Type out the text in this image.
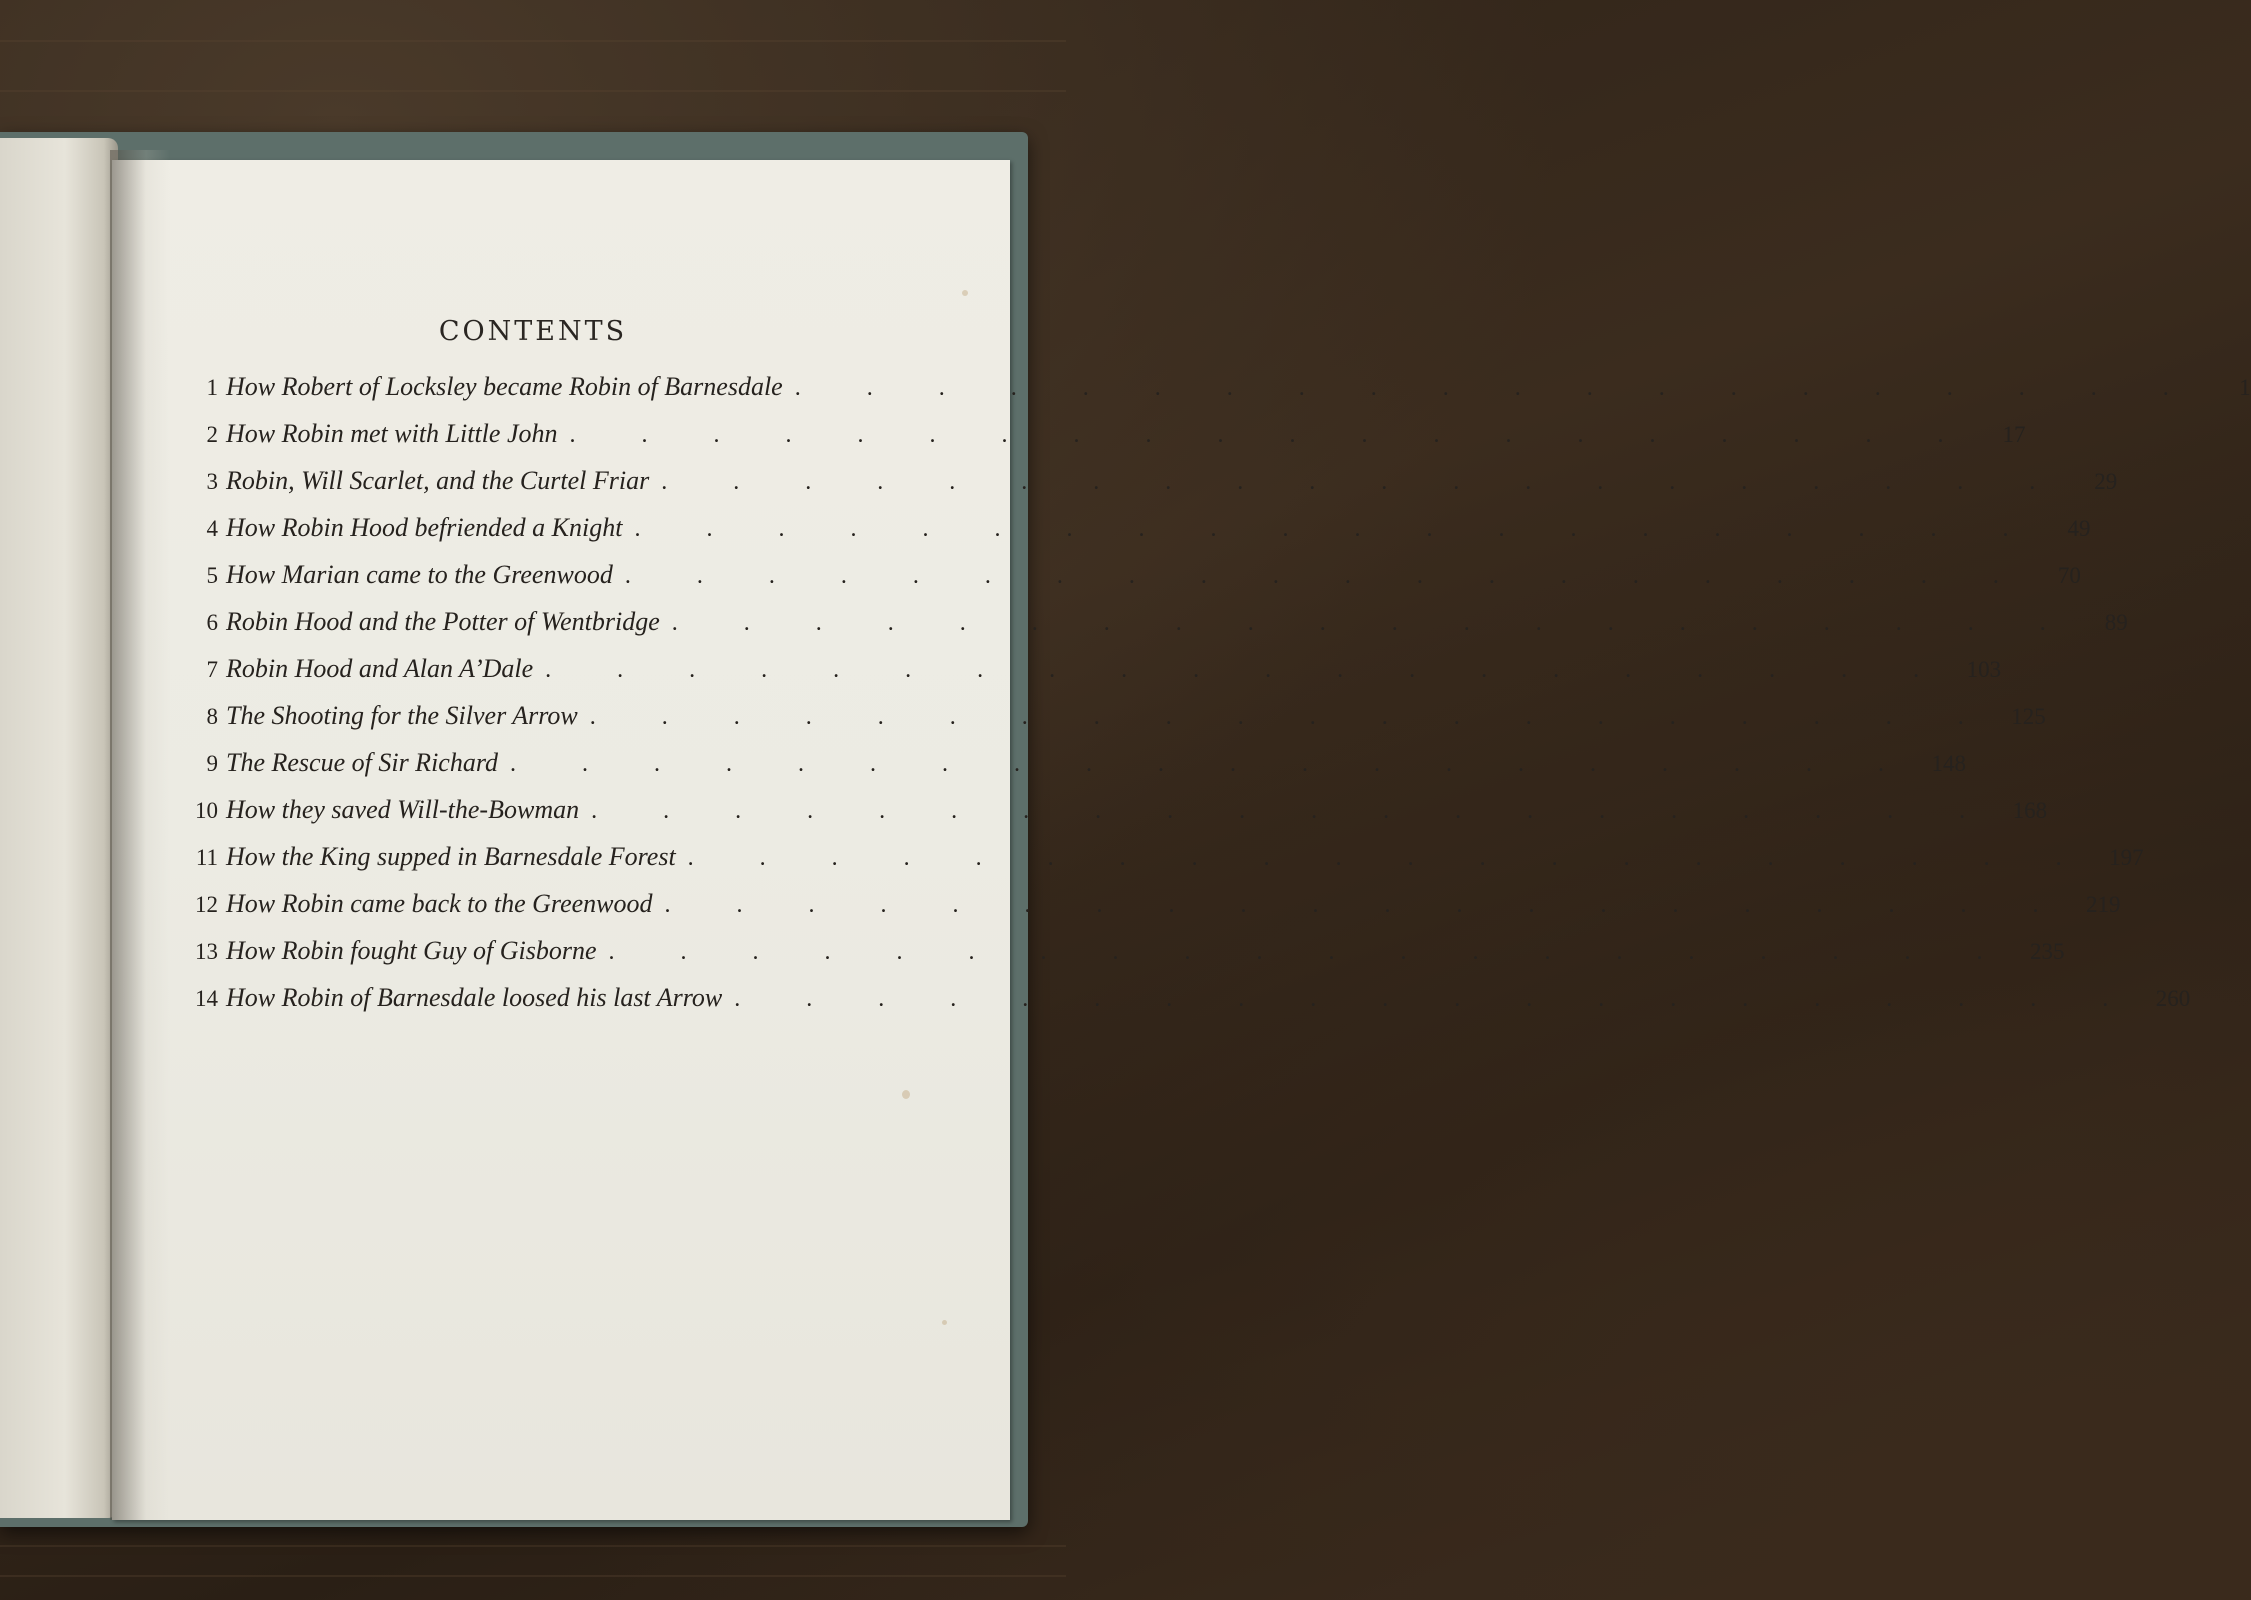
CONTENTS
1 How Robert of Locksley became Robin of Barnesdale . . . . . . . . . . . . . . . . . . . .	1
2 How Robin met with Little John . . . . . . . . . . . . . . . . . . . .	17
3 Robin, Will Scarlet, and the Curtel Friar . . . . . . . . . . . . . . . . . . . .	29
4 How Robin Hood befriended a Knight . . . . . . . . . . . . . . . . . . . .	49
5 How Marian came to the Greenwood . . . . . . . . . . . . . . . . . . . .	70
6 Robin Hood and the Potter of Wentbridge . . . . . . . . . . . . . . . . . . . .	89
7 Robin Hood and Alan A’Dale . . . . . . . . . . . . . . . . . . . . 103
8 The Shooting for the Silver Arrow . . . . . . . . . . . . . . . . . . . . 125
9 The Rescue of Sir Richard . . . . . . . . . . . . . . . . . . . . 148
10 How they saved Will-the-Bowman . . . . . . . . . . . . . . . . . . . . 168
11 How the King supped in Barnesdale Forest . . . . . . . . . . . . . . . . . . . . 197
12 How Robin came back to the Greenwood . . . . . . . . . . . . . . . . . . . . 219
13 How Robin fought Guy of Gisborne . . . . . . . . . . . . . . . . . . . . 235
14 How Robin of Barnesdale loosed his last Arrow . . . . . . . . . . . . . . . . . . . . 260
